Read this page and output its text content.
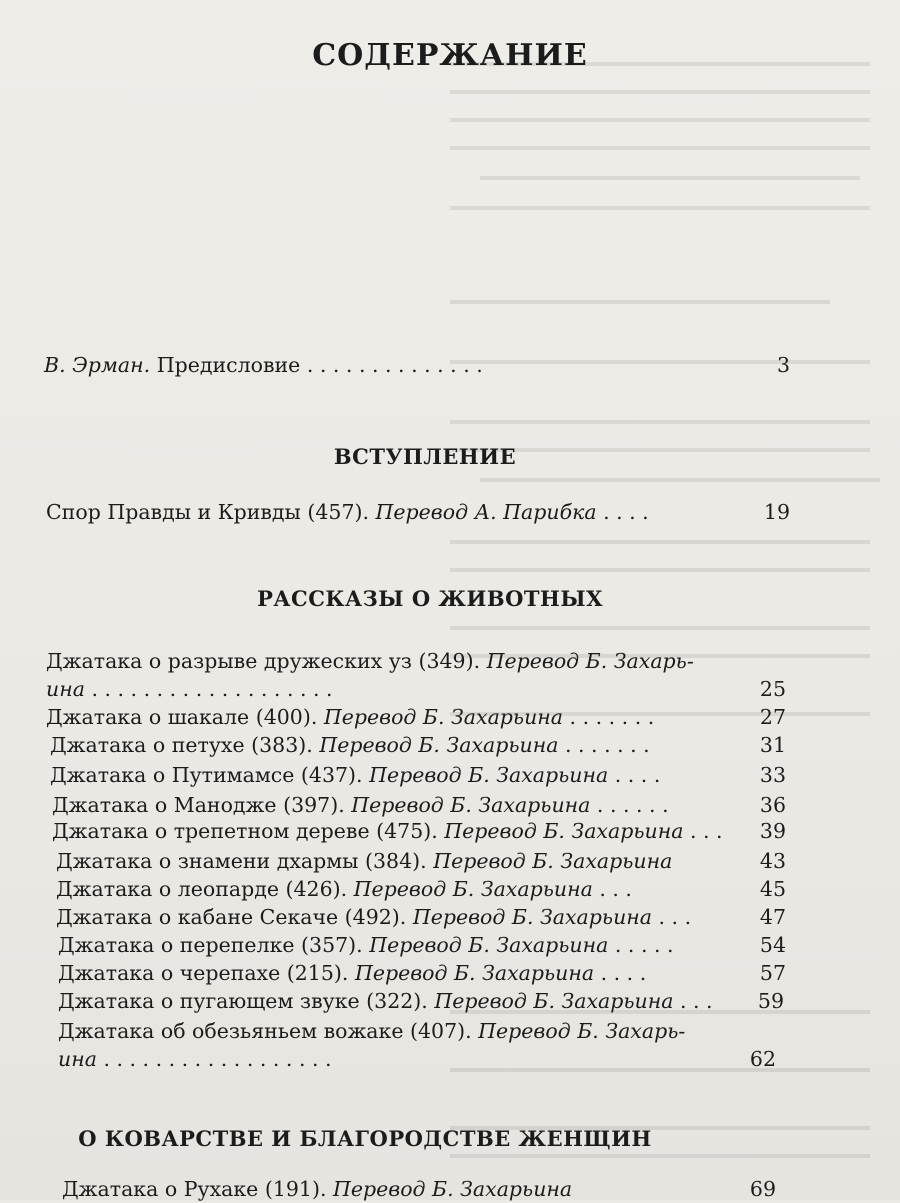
СОДЕРЖАНИЕ
В. Эрман. Предисловие . . . . . . . . . . . . . .	3
ВСТУПЛЕНИЕ
Спор Правды и Кривды (457). Перевод А. Парибка . . . .	19
РАССКАЗЫ О ЖИВОТНЫХ
Джатака о разрыве дружеских уз (349). Перевод Б. Захарь-
ина . . . . . . . . . . . . . . . . . . .	25
Джатака о шакале (400). Перевод Б. Захарьина . . . . . . .	27
Джатака о петухе (383). Перевод Б. Захарьина . . . . . . .	31
Джатака о Путимамсе (437). Перевод Б. Захарьина . . . .	33
Джатака о Манодже (397). Перевод Б. Захарьина . . . . . .	36
Джатака о трепетном дереве (475). Перевод Б. Захарьина . . .	39
Джатака о знамени дхармы (384). Перевод Б. Захарьина	43
Джатака о леопарде (426). Перевод Б. Захарьина . . .	45
Джатака о кабане Секаче (492). Перевод Б. Захарьина . . .	47
Джатака о перепелке (357). Перевод Б. Захарьина . . . . .	54
Джатака о черепахе (215). Перевод Б. Захарьина . . . .	57
Джатака о пугающем звуке (322). Перевод Б. Захарьина . . .	59
Джатака об обезьяньем вожаке (407). Перевод Б. Захарь-
ина . . . . . . . . . . . . . . . . . .	62
О КОВАРСТВЕ И БЛАГОРОДСТВЕ ЖЕНЩИН
Джатака о Рухаке (191). Перевод Б. Захарьина	69
